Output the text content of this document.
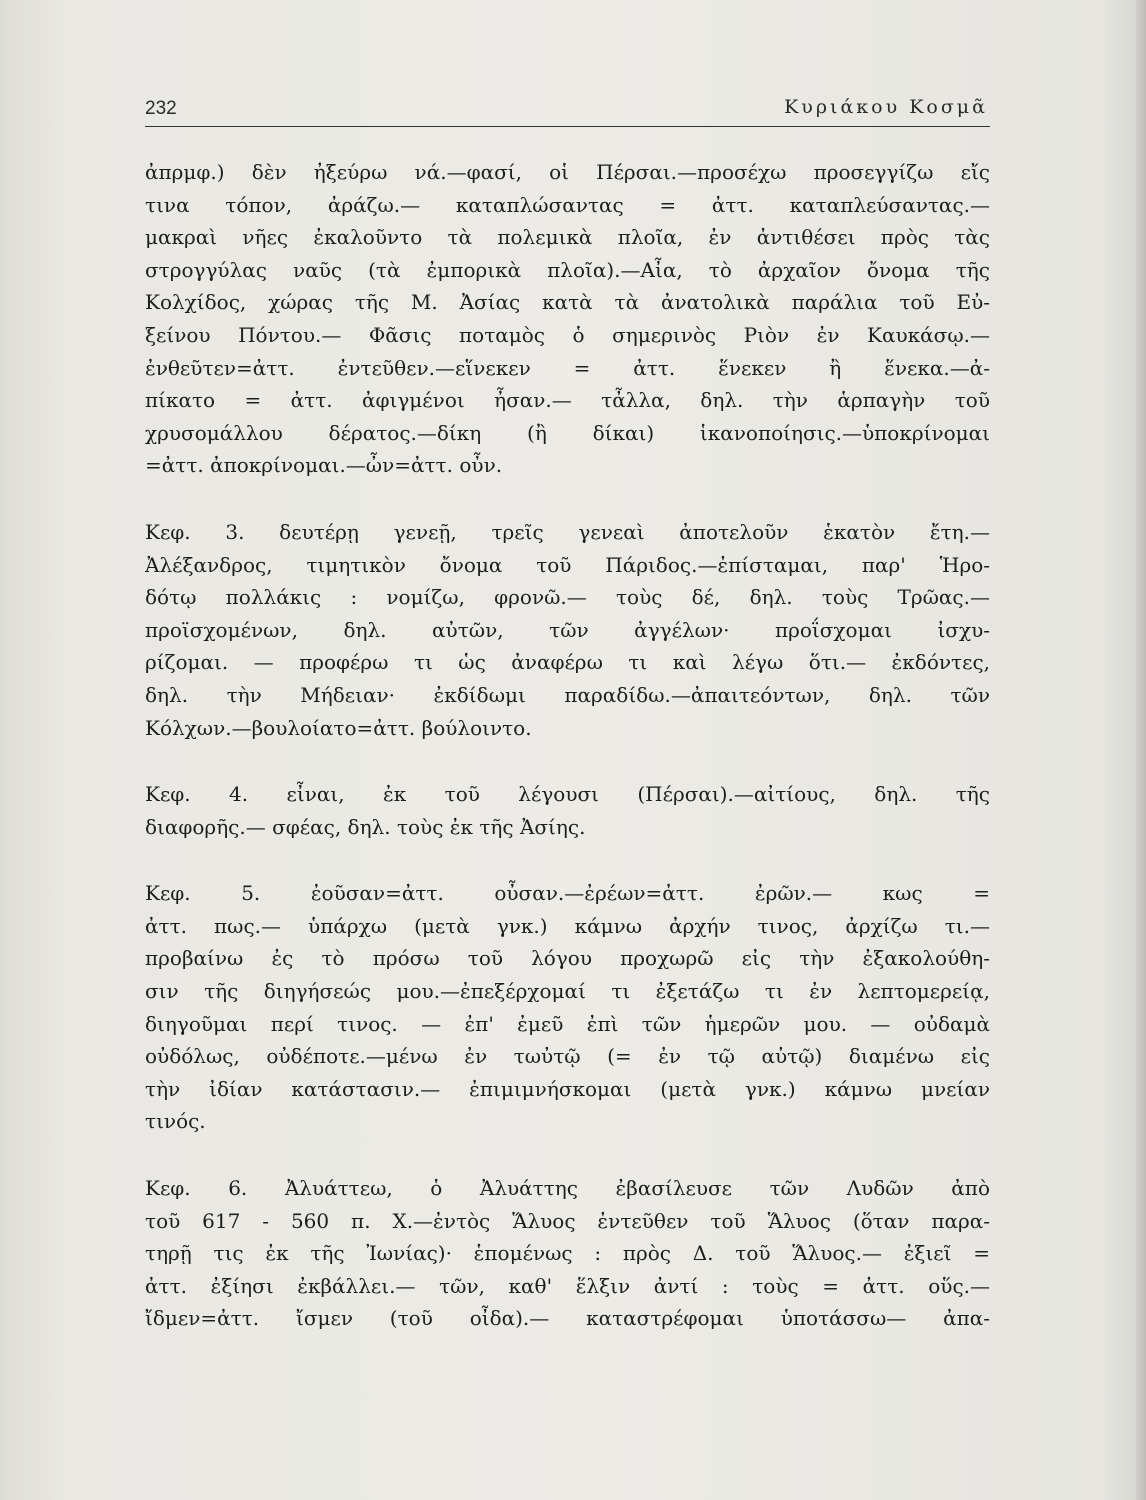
232	Κυριάκου Κοσμᾶ

ἀπρμφ.) δὲν ἠξεύρω νά.—φασί, οἱ Πέρσαι.—προσέχω προσεγγίζω εἴς
τινα τόπον, ἀράζω.— καταπλώσαντας = ἀττ. καταπλεύσαντας.—
μακραὶ νῆες ἐκαλοῦντο τὰ πολεμικὰ πλοῖα, ἐν ἀντιθέσει πρὸς τὰς
στρογγύλας ναῦς (τὰ ἐμπορικὰ πλοῖα).—Αἶα, τὸ ἀρχαῖον ὄνομα τῆς
Κολχίδος, χώρας τῆς Μ. Ἀσίας κατὰ τὰ ἀνατολικὰ παράλια τοῦ Εὐ-
ξείνου Πόντου.— Φᾶσις ποταμὸς ὁ σημερινὸς Ριὸν ἐν Καυκάσῳ.—
ἐνθεῦτεν=ἀττ. ἐντεῦθεν.—εἵνεκεν = ἀττ. ἕνεκεν ἢ ἕνεκα.—ἀ-
πίκατο = ἀττ. ἀφιγμένοι ἦσαν.— τἆλλα, δηλ. τὴν ἁρπαγὴν τοῦ
χρυσομάλλου δέρατος.—δίκη (ἢ δίκαι) ἱκανοποίησις.—ὑποκρίνομαι
=ἀττ. ἀποκρίνομαι.—ὦν=ἀττ. οὖν.

Κεφ. 3. δευτέρῃ γενεῇ, τρεῖς γενεαὶ ἀποτελοῦν ἑκατὸν ἔτη.—
Ἀλέξανδρος, τιμητικὸν ὄνομα τοῦ Πάριδος.—ἐπίσταμαι, παρ' Ἡρο-
δότῳ πολλάκις : νομίζω, φρονῶ.— τοὺς δέ, δηλ. τοὺς Τρῶας.—
προϊσχομένων, δηλ. αὐτῶν, τῶν ἀγγέλων· προΐσχομαι ἰσχυ-
ρίζομαι. — προφέρω τι ὡς ἀναφέρω τι καὶ λέγω ὅτι.— ἐκδόντες,
δηλ. τὴν Μήδειαν· ἐκδίδωμι παραδίδω.—ἀπαιτεόντων, δηλ. τῶν
Κόλχων.—βουλοίατο=ἀττ. βούλοιντο.

Κεφ. 4. εἶναι, ἐκ τοῦ λέγουσι (Πέρσαι).—αἰτίους, δηλ. τῆς
διαφορῆς.— σφέας, δηλ. τοὺς ἐκ τῆς Ἀσίης.

Κεφ. 5. ἐοῦσαν=ἀττ. οὖσαν.—ἐρέων=ἀττ. ἐρῶν.— κως =
ἀττ. πως.— ὑπάρχω (μετὰ γνκ.) κάμνω ἀρχήν τινος, ἀρχίζω τι.—
προβαίνω ἐς τὸ πρόσω τοῦ λόγου προχωρῶ εἰς τὴν ἐξακολούθη-
σιν τῆς διηγήσεώς μου.—ἐπεξέρχομαί τι ἐξετάζω τι ἐν λεπτομερείᾳ,
διηγοῦμαι περί τινος. — ἐπ' ἐμεῦ ἐπὶ τῶν ἡμερῶν μου. — οὐδαμὰ
οὐδόλως, οὐδέποτε.—μένω ἐν τωὐτῷ (= ἐν τῷ αὐτῷ) διαμένω εἰς
τὴν ἰδίαν κατάστασιν.— ἐπιμιμνήσκομαι (μετὰ γνκ.) κάμνω μνείαν
τινός.

Κεφ. 6. Ἀλυάττεω, ὁ Ἀλυάττης ἐβασίλευσε τῶν Λυδῶν ἀπὸ
τοῦ 617 - 560 π. Χ.—ἐντὸς Ἅλυος ἐντεῦθεν τοῦ Ἅλυος (ὅταν παρα-
τηρῇ τις ἐκ τῆς Ἰωνίας)· ἑπομένως : πρὸς Δ. τοῦ Ἅλυος.— ἐξιεῖ =
ἀττ. ἐξίησι ἐκβάλλει.— τῶν, καθ' ἕλξιν ἀντί : τοὺς = ἀττ. οὕς.—
ἴδμεν=ἀττ. ἴσμεν (τοῦ οἶδα).— καταστρέφομαι ὑποτάσσω— ἀπα-
